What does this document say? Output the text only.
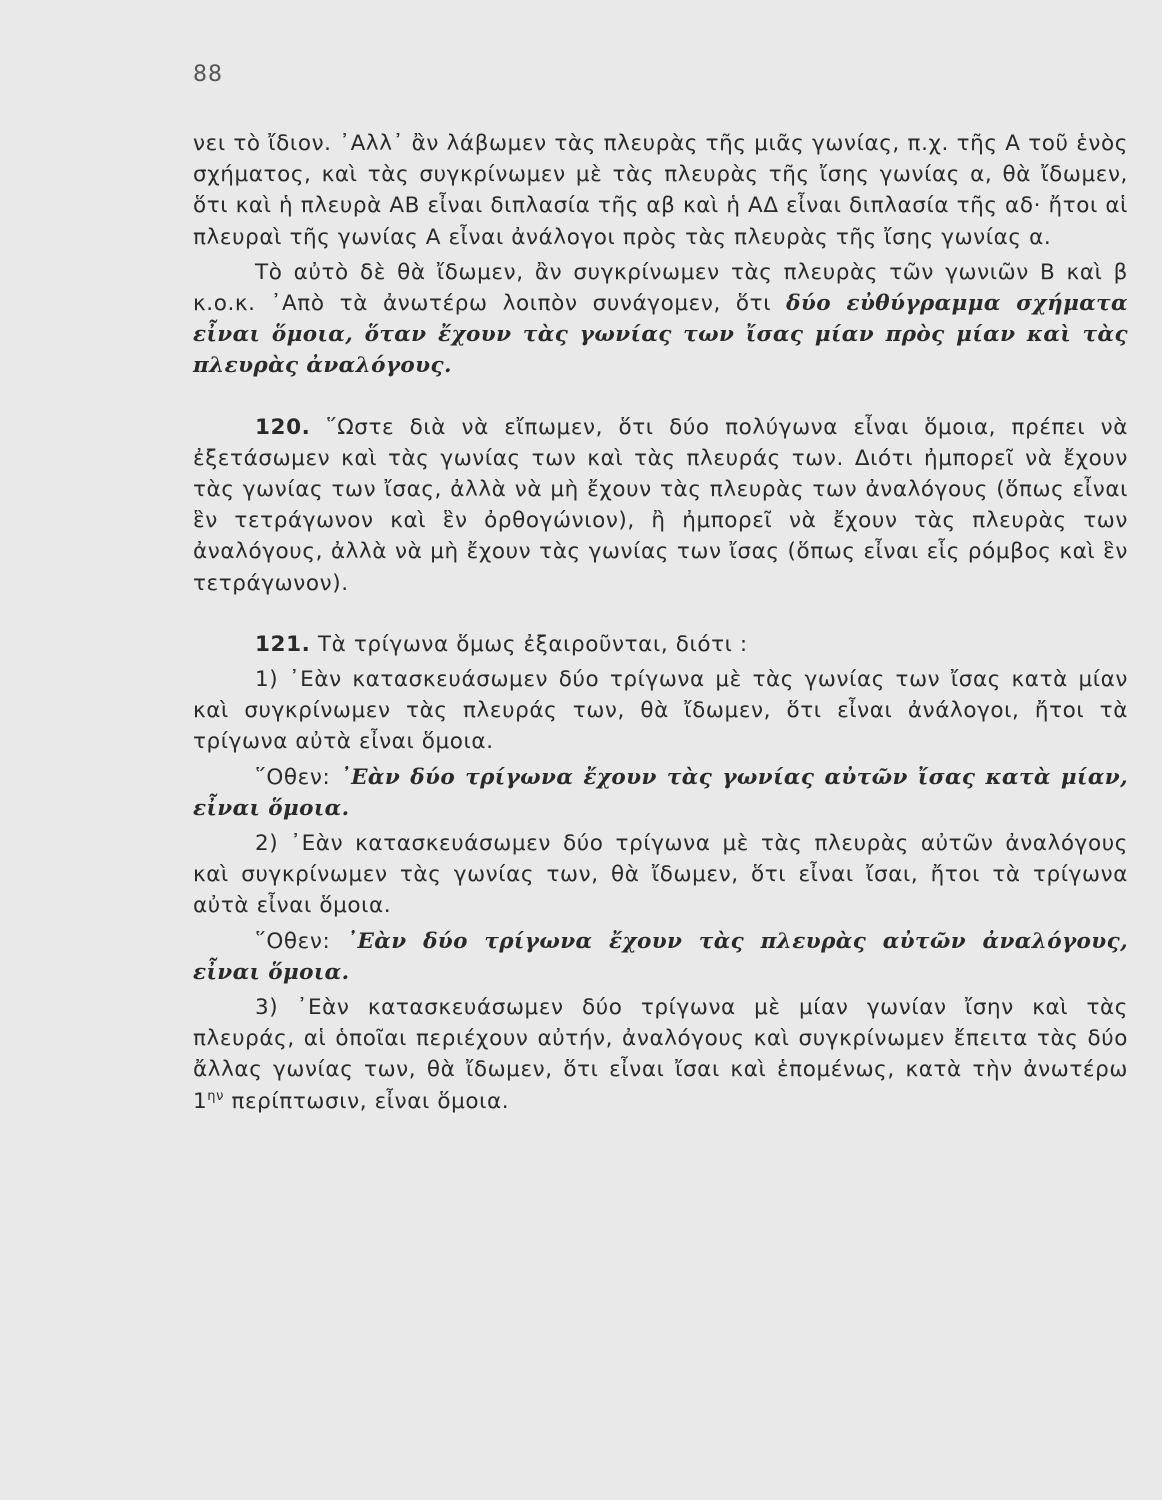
88

νει τὸ ἴδιον. ᾿Αλλ᾿ ἂν λάβωμεν τὰς πλευρὰς τῆς μιᾶς γωνίας, π.χ. τῆς Α τοῦ ἑνὸς σχήματος, καὶ τὰς συγκρίνωμεν μὲ τὰς πλευρὰς τῆς ἴσης γωνίας α, θὰ ἴδωμεν, ὅτι καὶ ἡ πλευρὰ ΑΒ εἶναι διπλασία τῆς αβ καὶ ἡ ΑΔ εἶναι διπλασία τῆς αδ· ἤτοι αἱ πλευραὶ τῆς γωνίας Α εἶναι ἀνάλογοι πρὸς τὰς πλευρὰς τῆς ἴσης γωνίας α.

Τὸ αὐτὸ δὲ θὰ ἴδωμεν, ἂν συγκρίνωμεν τὰς πλευρὰς τῶν γωνιῶν Β καὶ β κ.ο.κ. ᾿Απὸ τὰ ἀνωτέρω λοιπὸν συνάγομεν, ὅτι δύο εὐθύγραμμα σχήματα εἶναι ὅμοια, ὅταν ἔχουν τὰς γωνίας των ἴσας μίαν πρὸς μίαν καὶ τὰς πλευρὰς ἀναλόγους.

120. ῞Ωστε διὰ νὰ εἴπωμεν, ὅτι δύο πολύγωνα εἶναι ὅμοια, πρέπει νὰ ἐξετάσωμεν καὶ τὰς γωνίας των καὶ τὰς πλευράς των. Διότι ἠμπορεῖ νὰ ἔχουν τὰς γωνίας των ἴσας, ἀλλὰ νὰ μὴ ἔχουν τὰς πλευρὰς των ἀναλόγους (ὅπως εἶναι ἓν τετράγωνον καὶ ἓν ὀρθογώνιον), ἢ ἠμπορεῖ νὰ ἔχουν τὰς πλευρὰς των ἀναλόγους, ἀλλὰ νὰ μὴ ἔχουν τὰς γωνίας των ἴσας (ὅπως εἶναι εἷς ρόμβος καὶ ἓν τετράγωνον).

121. Τὰ τρίγωνα ὅμως ἐξαιροῦνται, διότι :

1) ᾿Εὰν κατασκευάσωμεν δύο τρίγωνα μὲ τὰς γωνίας των ἴσας κατὰ μίαν καὶ συγκρίνωμεν τὰς πλευράς των, θὰ ἴδωμεν, ὅτι εἶναι ἀνάλογοι, ἤτοι τὰ τρίγωνα αὐτὰ εἶναι ὅμοια.

῞Οθεν: ᾿Εὰν δύο τρίγωνα ἔχουν τὰς γωνίας αὐτῶν ἴσας κατὰ μίαν, εἶναι ὅμοια.

2) ᾿Εὰν κατασκευάσωμεν δύο τρίγωνα μὲ τὰς πλευρὰς αὐτῶν ἀναλόγους καὶ συγκρίνωμεν τὰς γωνίας των, θὰ ἴδωμεν, ὅτι εἶναι ἴσαι, ἤτοι τὰ τρίγωνα αὐτὰ εἶναι ὅμοια.

῞Οθεν: ᾿Εὰν δύο τρίγωνα ἔχουν τὰς πλευρὰς αὐτῶν ἀναλόγους, εἶναι ὅμοια.

3) ᾿Εὰν κατασκευάσωμεν δύο τρίγωνα μὲ μίαν γωνίαν ἴσην καὶ τὰς πλευράς, αἱ ὁποῖαι περιέχουν αὐτήν, ἀναλόγους καὶ συγκρίνωμεν ἔπειτα τὰς δύο ἄλλας γωνίας των, θὰ ἴδωμεν, ὅτι εἶναι ἴσαι καὶ ἑπομένως, κατὰ τὴν ἀνωτέρω $1^{\eta\nu}$ περίπτωσιν, εἶναι ὅμοια.
